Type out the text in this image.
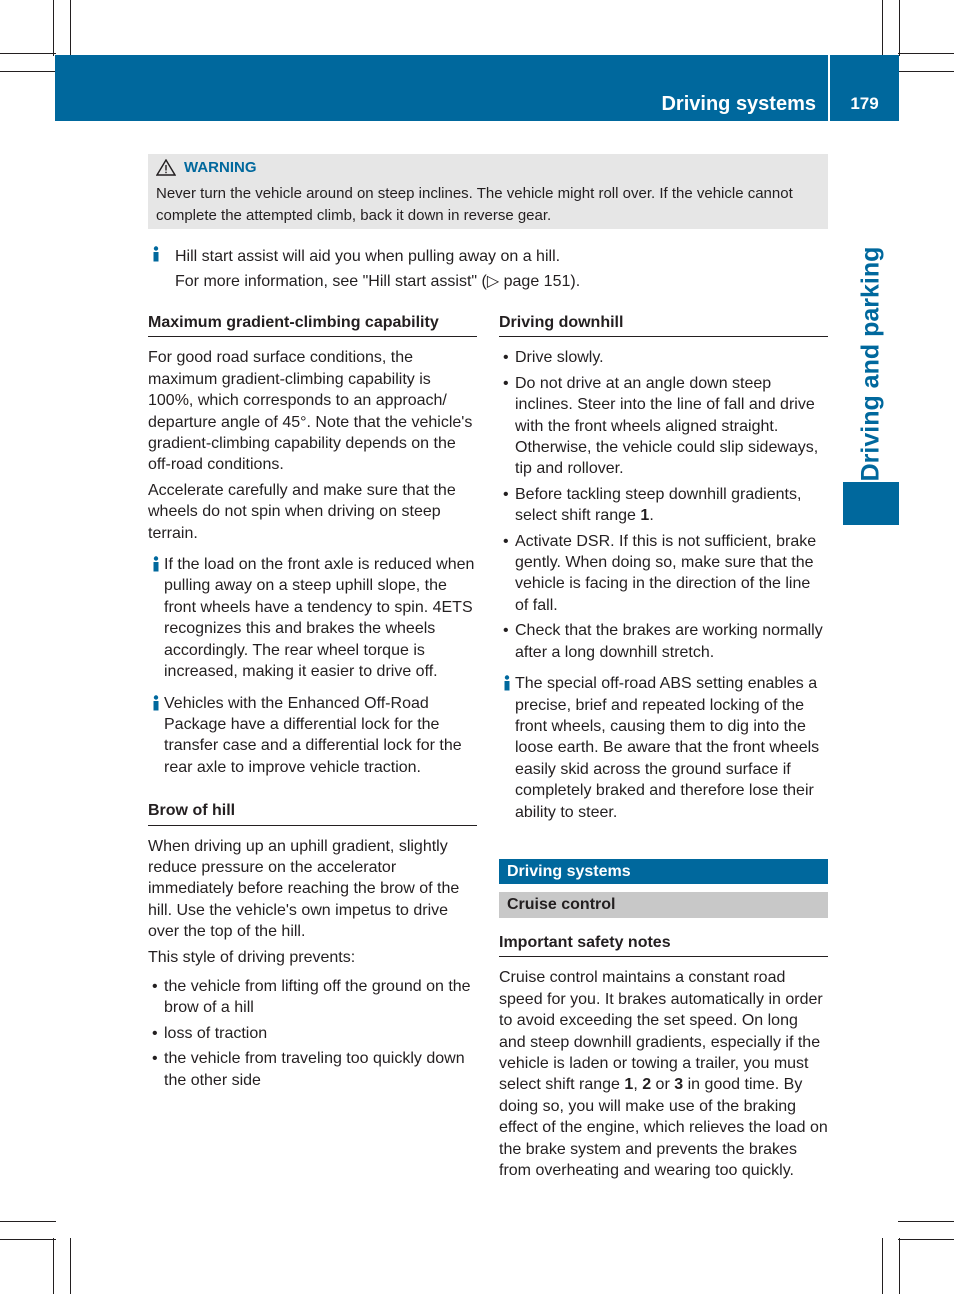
Driving systems	179
Driving and parking
WARNING
Never turn the vehicle around on steep inclines. The vehicle might roll over. If the vehicle cannot complete the attempted climb, back it down in reverse gear.
Hill start assist will aid you when pulling away on a hill.
For more information, see "Hill start assist" (▷ page 151).
Maximum gradient-climbing capability

For good road surface conditions, the maximum gradient-climbing capability is 100%, which corresponds to an approach/ departure angle of 45°. Note that the vehicle's gradient-climbing capability depends on the off-road conditions.

Accelerate carefully and make sure that the wheels do not spin when driving on steep terrain.

If the load on the front axle is reduced when pulling away on a steep uphill slope, the front wheels have a tendency to spin. 4ETS recognizes this and brakes the wheels accordingly. The rear wheel torque is increased, making it easier to drive off.
Vehicles with the Enhanced Off-Road Package have a differential lock for the transfer case and a differential lock for the rear axle to improve vehicle traction.
Brow of hill

When driving up an uphill gradient, slightly reduce pressure on the accelerator immediately before reaching the brow of the hill. Use the vehicle's own impetus to drive over the top of the hill.

This style of driving prevents:

• the vehicle from lifting off the ground on the brow of a hill
• loss of traction
• the vehicle from traveling too quickly down the other side
Driving downhill
• Drive slowly.
• Do not drive at an angle down steep inclines. Steer into the line of fall and drive with the front wheels aligned straight. Otherwise, the vehicle could slip sideways, tip and rollover.
• Before tackling steep downhill gradients, select shift range 1.
• Activate DSR. If this is not sufficient, brake gently. When doing so, make sure that the vehicle is facing in the direction of the line of fall.
• Check that the brakes are working normally after a long downhill stretch.
The special off-road ABS setting enables a precise, brief and repeated locking of the front wheels, causing them to dig into the loose earth. Be aware that the front wheels easily skid across the ground surface if completely braked and therefore lose their ability to steer.
Driving systems
Cruise control
Important safety notes

Cruise control maintains a constant road speed for you. It brakes automatically in order to avoid exceeding the set speed. On long and steep downhill gradients, especially if the vehicle is laden or towing a trailer, you must select shift range 1, 2 or 3 in good time. By doing so, you will make use of the braking effect of the engine, which relieves the load on the brake system and prevents the brakes from overheating and wearing too quickly.
